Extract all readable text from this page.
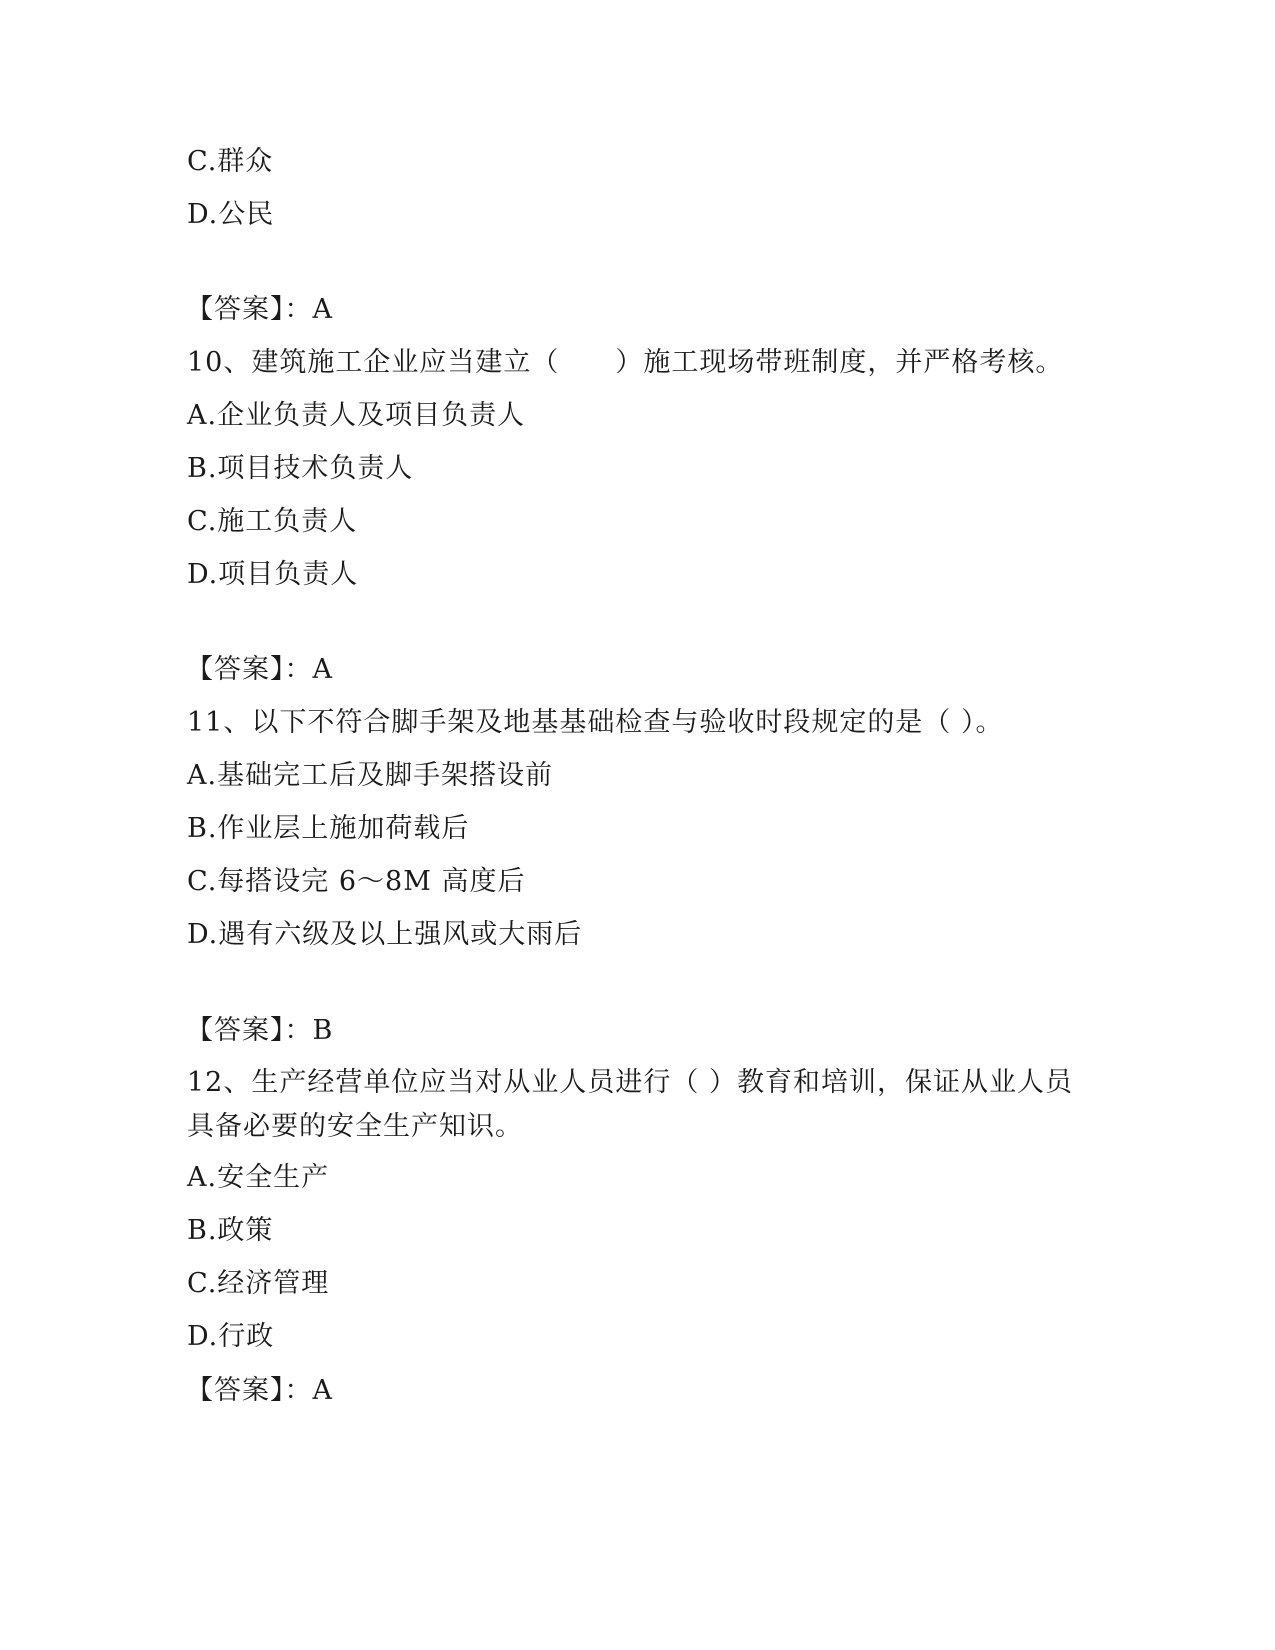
C.群众
D.公民
【答案】：A
10、建筑施工企业应当建立（　　）施工现场带班制度，并严格考核。
A.企业负责人及项目负责人
B.项目技术负责人
C.施工负责人
D.项目负责人
【答案】：A
11、以下不符合脚手架及地基基础检查与验收时段规定的是（ ）。
A.基础完工后及脚手架搭设前
B.作业层上施加荷载后
C.每搭设完 6～8M 高度后
D.遇有六级及以上强风或大雨后
【答案】：B
12、生产经营单位应当对从业人员进行（ ）教育和培训，保证从业人员具备必要的安全生产知识。
A.安全生产
B.政策
C.经济管理
D.行政
【答案】：A
